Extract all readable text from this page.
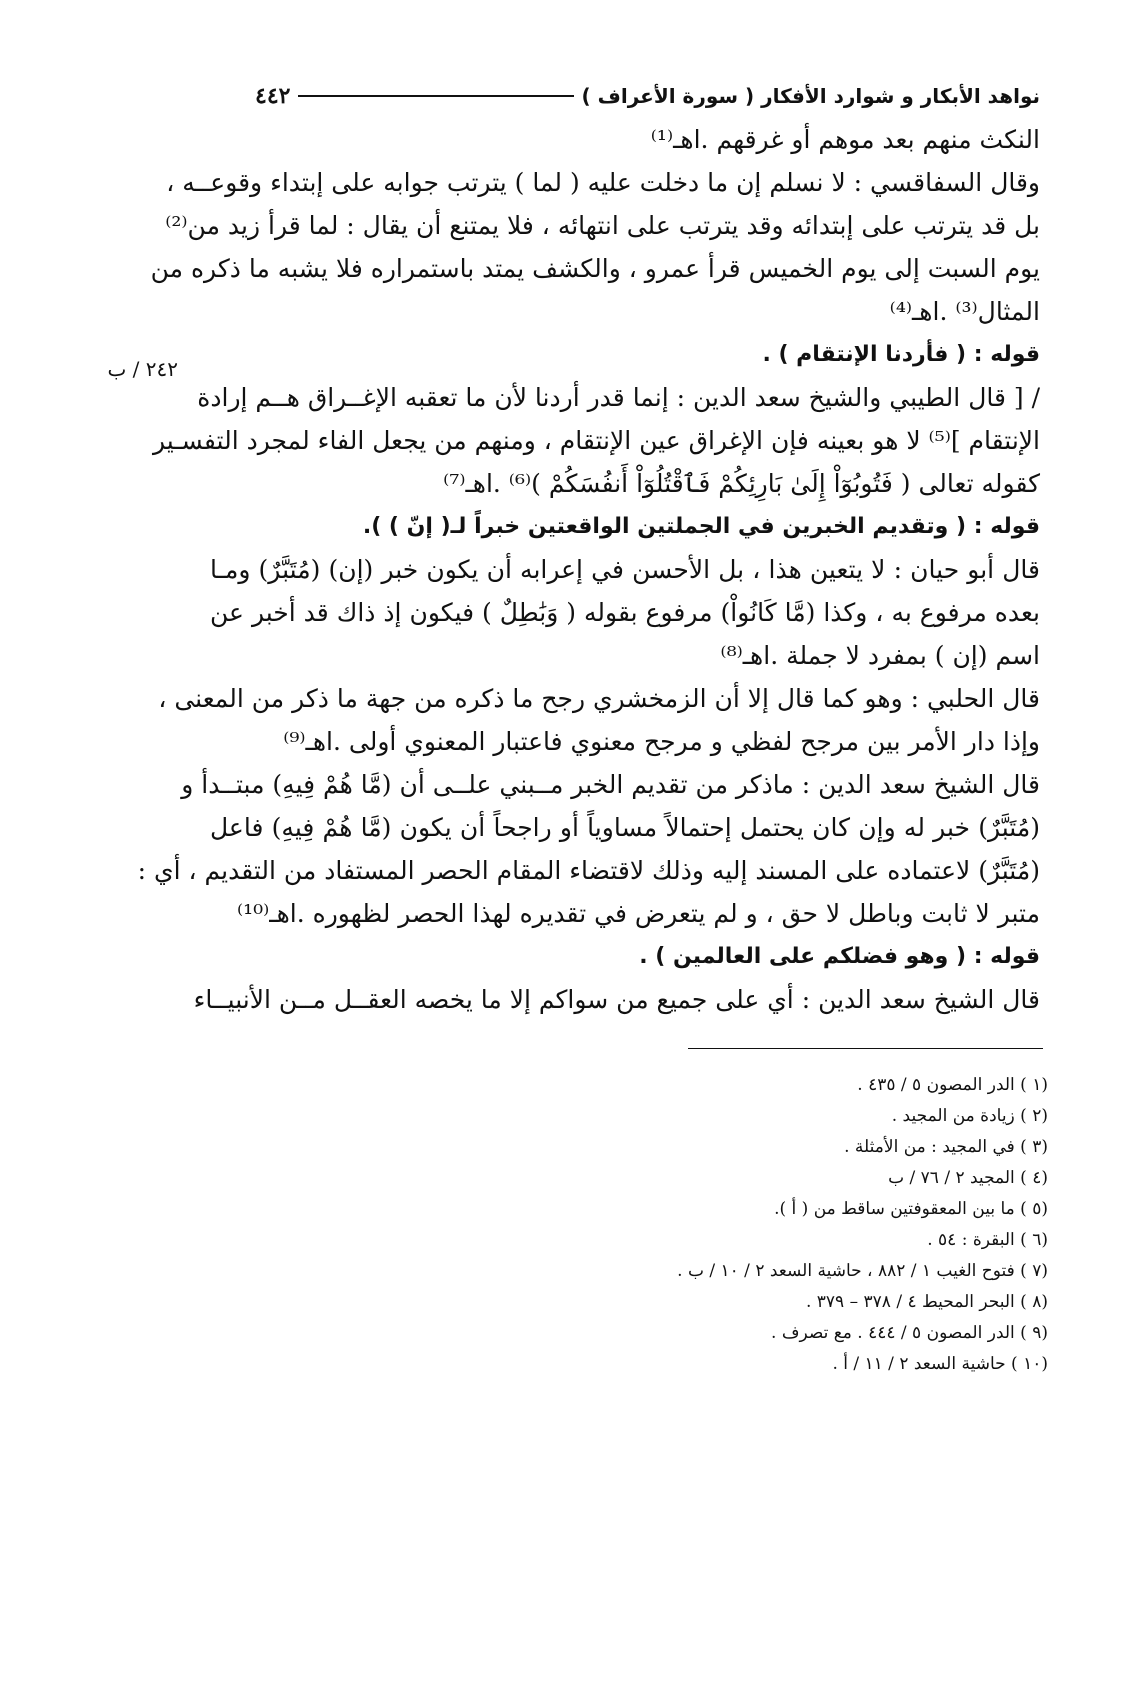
نواهد الأبكار و شوارد الأفكار ( سورة الأعراف )
٤٤٢
٢٤٢ / ب
النكث منهم بعد موهم أو غرقهم .اهـ⁽¹⁾
وقال السفاقسي : لا نسلم إن ما دخلت عليه ( لما ) يترتب جوابه على إبتداء وقوعــه ،
بل قد يترتب على إبتدائه وقد يترتب على انتهائه ، فلا يمتنع أن يقال : لما قرأ زيد من⁽²⁾
يوم السبت إلى يوم الخميس قرأ عمرو ، والكشف يمتد باستمراره فلا يشبه ما ذكره من
المثال⁽³⁾ .اهـ⁽⁴⁾
قوله : ( فأردنا الإنتقام ) .
/ [ قال الطيبي والشيخ سعد الدين : إنما قدر أردنا لأن ما تعقبه الإغــراق هــم إرادة
الإنتقام ]⁽⁵⁾ لا هو بعينه فإن الإغراق عين الإنتقام ، ومنهم من يجعل الفاء لمجرد التفسـير
كقوله تعالى ( فَتُوبُوٓاْ إِلَىٰ بَارِئِكُمْ فَٱقْتُلُوٓاْ أَنفُسَكُمْ )⁽⁶⁾ .اهـ⁽⁷⁾
قوله : ( وتقديم الخبرين في الجملتين الواقعتين خبراً لـ( إنّ ) ).
قال أبو حيان : لا يتعين هذا ، بل الأحسن في إعرابه أن يكون خبر (إن) (مُتَبَّرٌ) ومـا
بعده مرفوع به ، وكذا (مَّا كَانُواْ) مرفوع بقوله ( وَبَٰطِلٌ ) فيكون إذ ذاك قد أخبر عن
اسم (إن ) بمفرد لا جملة .اهـ⁽⁸⁾
قال الحلبي : وهو كما قال إلا أن الزمخشري رجح ما ذكره من جهة ما ذكر من المعنى ،
وإذا دار الأمر بين مرجح لفظي و مرجح معنوي فاعتبار المعنوي أولى .اهـ⁽⁹⁾
قال الشيخ سعد الدين : ماذكر من تقديم الخبر مــبني علــى أن (مَّا هُمْ فِيهِ) مبتــدأ و
(مُتَبَّرٌ) خبر له وإن كان يحتمل إحتمالاً مساوياً أو راجحاً أن يكون (مَّا هُمْ فِيهِ) فاعل
(مُتَبَّرٌ) لاعتماده على المسند إليه وذلك لاقتضاء المقام الحصر المستفاد من التقديم ، أي :
متبر لا ثابت وباطل لا حق ، و لم يتعرض في تقديره لهذا الحصر لظهوره .اهـ⁽¹⁰⁾
قوله : ( وهو فضلكم على العالمين ) .
قال الشيخ سعد الدين : أي على جميع من سواكم إلا ما يخصه العقــل مــن الأنبيــاء
(١ ) الدر المصون ٥ / ٤٣٥ .
(٢ ) زيادة من المجيد .
(٣ ) في المجيد : من الأمثلة .
(٤ ) المجيد ٢ / ٧٦ / ب
(٥ ) ما بين المعقوفتين ساقط من ( أ ).
(٦ ) البقرة : ٥٤ .
(٧ ) فتوح الغيب ١ / ٨٨٢ ، حاشية السعد ٢ / ١٠ / ب .
(٨ ) البحر المحيط ٤ / ٣٧٨ – ٣٧٩ .
(٩ ) الدر المصون ٥ / ٤٤٤ . مع تصرف .
(١٠ ) حاشية السعد ٢ / ١١ / أ .
